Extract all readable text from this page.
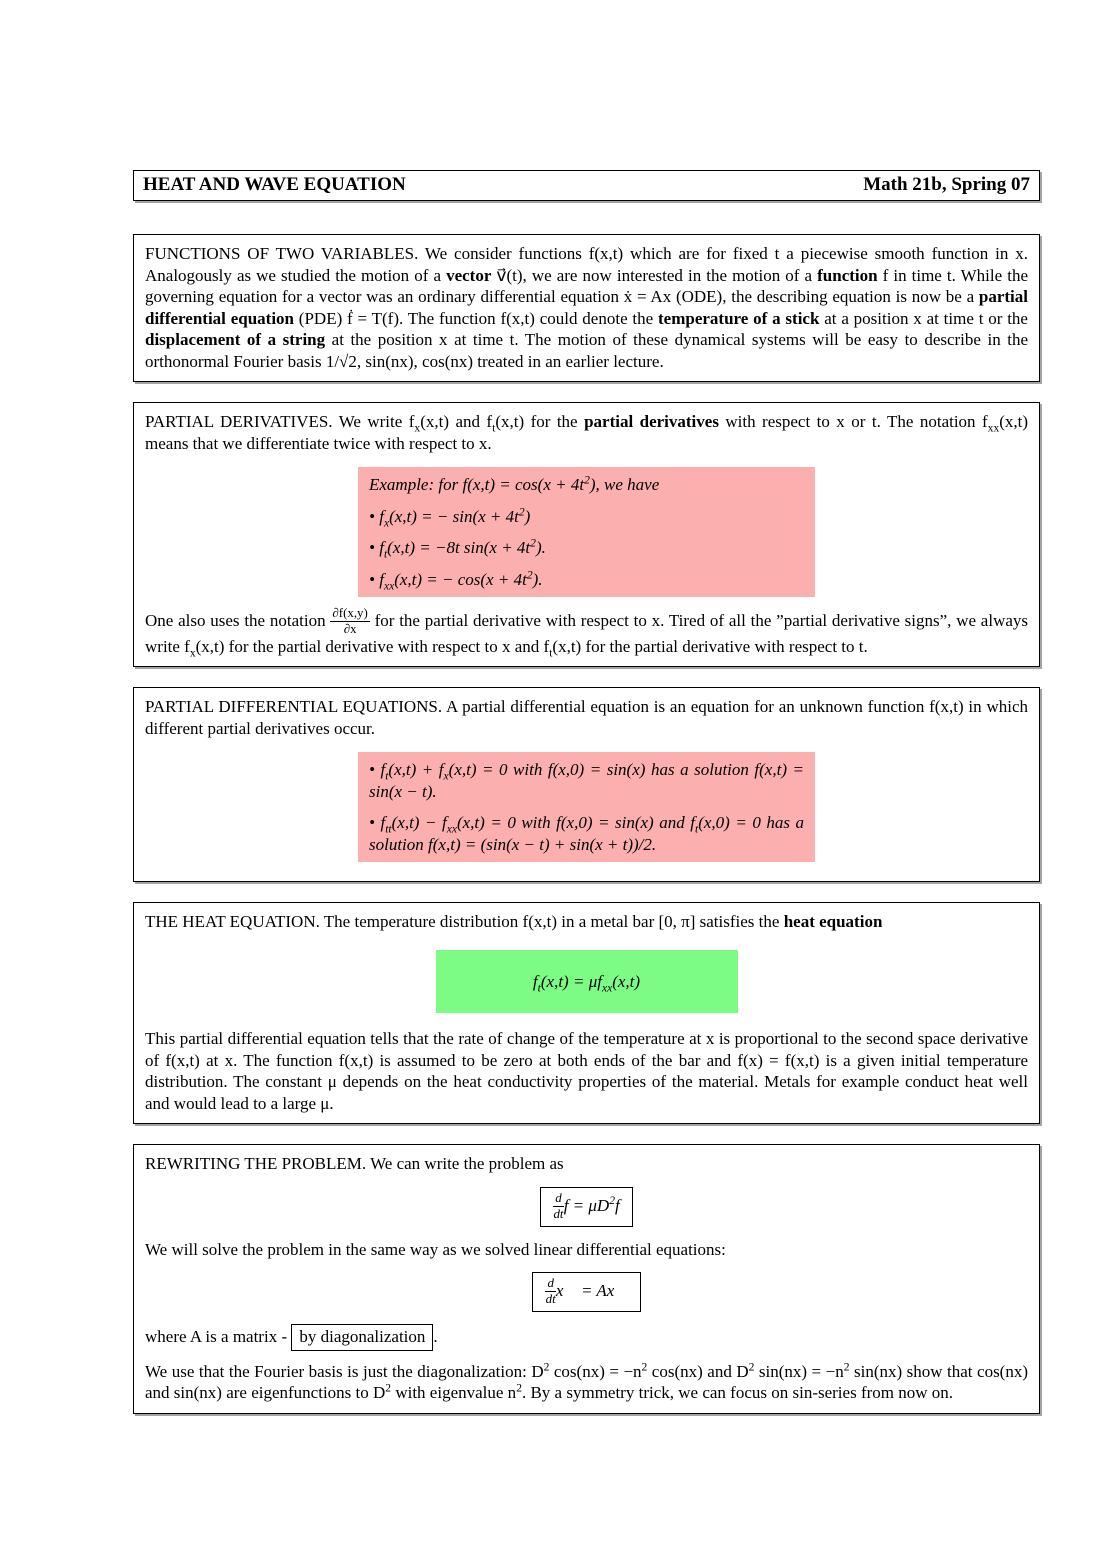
HEAT AND WAVE EQUATION	Math 21b, Spring 07

FUNCTIONS OF TWO VARIABLES. We consider functions f(x,t) which are for fixed t a piecewise smooth function in x. Analogously as we studied the motion of a vector v⃗(t), we are now interested in the motion of a function f in time t. While the governing equation for a vector was an ordinary differential equation ẋ = Ax (ODE), the describing equation is now be a partial differential equation (PDE) ḟ = T(f). The function f(x,t) could denote the temperature of a stick at a position x at time t or the displacement of a string at the position x at time t. The motion of these dynamical systems will be easy to describe in the orthonormal Fourier basis 1/√2, sin(nx), cos(nx) treated in an earlier lecture.

PARTIAL DERIVATIVES. We write $f_x(x,t)$ and $f_t(x,t)$ for the partial derivatives with respect to x or t. The notation $f_{xx}(x,t)$ means that we differentiate twice with respect to x.

Example: for $f(x,t) = \cos(x + 4t^2)$, we have

• $f_x(x,t)$ = − $\sin(x + 4t^2)$

• $f_t(x,t) = -8t$ $\sin(x + 4t^2)$.

• $f_{xx}(x,t)$ = − $\cos(x + 4t^2)$.

One also uses the notation $\frac{\partial f(x,y)}{\partial x}$ for the partial derivative with respect to x. Tired of all the ”partial derivative signs”, we always write $f_x(x,t)$ for the partial derivative with respect to x and $f_t(x,t)$ for the partial derivative with respect to t.

PARTIAL DIFFERENTIAL EQUATIONS. A partial differential equation is an equation for an unknown function f(x,t) in which different partial derivatives occur.

• $f_t(x,t) + f_x(x,t) = 0$ with f(x,0) = sin(x) has a solution f(x,t) = sin(x − t).

• $f_{tt}(x,t) - f_{xx}(x,t) = 0$ with f(x,0) = sin(x) and $f_t(x,0) = 0$ has a solution f(x,t) = (sin(x − t) + sin(x + t))/2.

THE HEAT EQUATION. The temperature distribution f(x,t) in a metal bar [0, π] satisfies the heat equation

$f_t(x,t) = \mu f_{xx}(x,t)$

This partial differential equation tells that the rate of change of the temperature at x is proportional to the second space derivative of f(x,t) at x. The function f(x,t) is assumed to be zero at both ends of the bar and f(x) = f(x,t) is a given initial temperature distribution. The constant μ depends on the heat conductivity properties of the material. Metals for example conduct heat well and would lead to a large μ.

REWRITING THE PROBLEM. We can write the problem as

$\frac{d}{dt}$ $f = \mu D^2f$

We will solve the problem in the same way as we solved linear differential equations:

$\frac{d}{dt}$ x⃗ = Ax⃗

where A is a matrix - by diagonalization .

We use that the Fourier basis is just the diagonalization: $D^2$ $\cos(nx) = -n^2$ cos(nx) and $D^2$ $\sin(nx) = -n^2$ sin(nx) show that cos(nx) and sin(nx) are eigenfunctions to $D^2$ with eigenvalue $n^2$. By a symmetry trick, we can focus on sin-series from now on.
